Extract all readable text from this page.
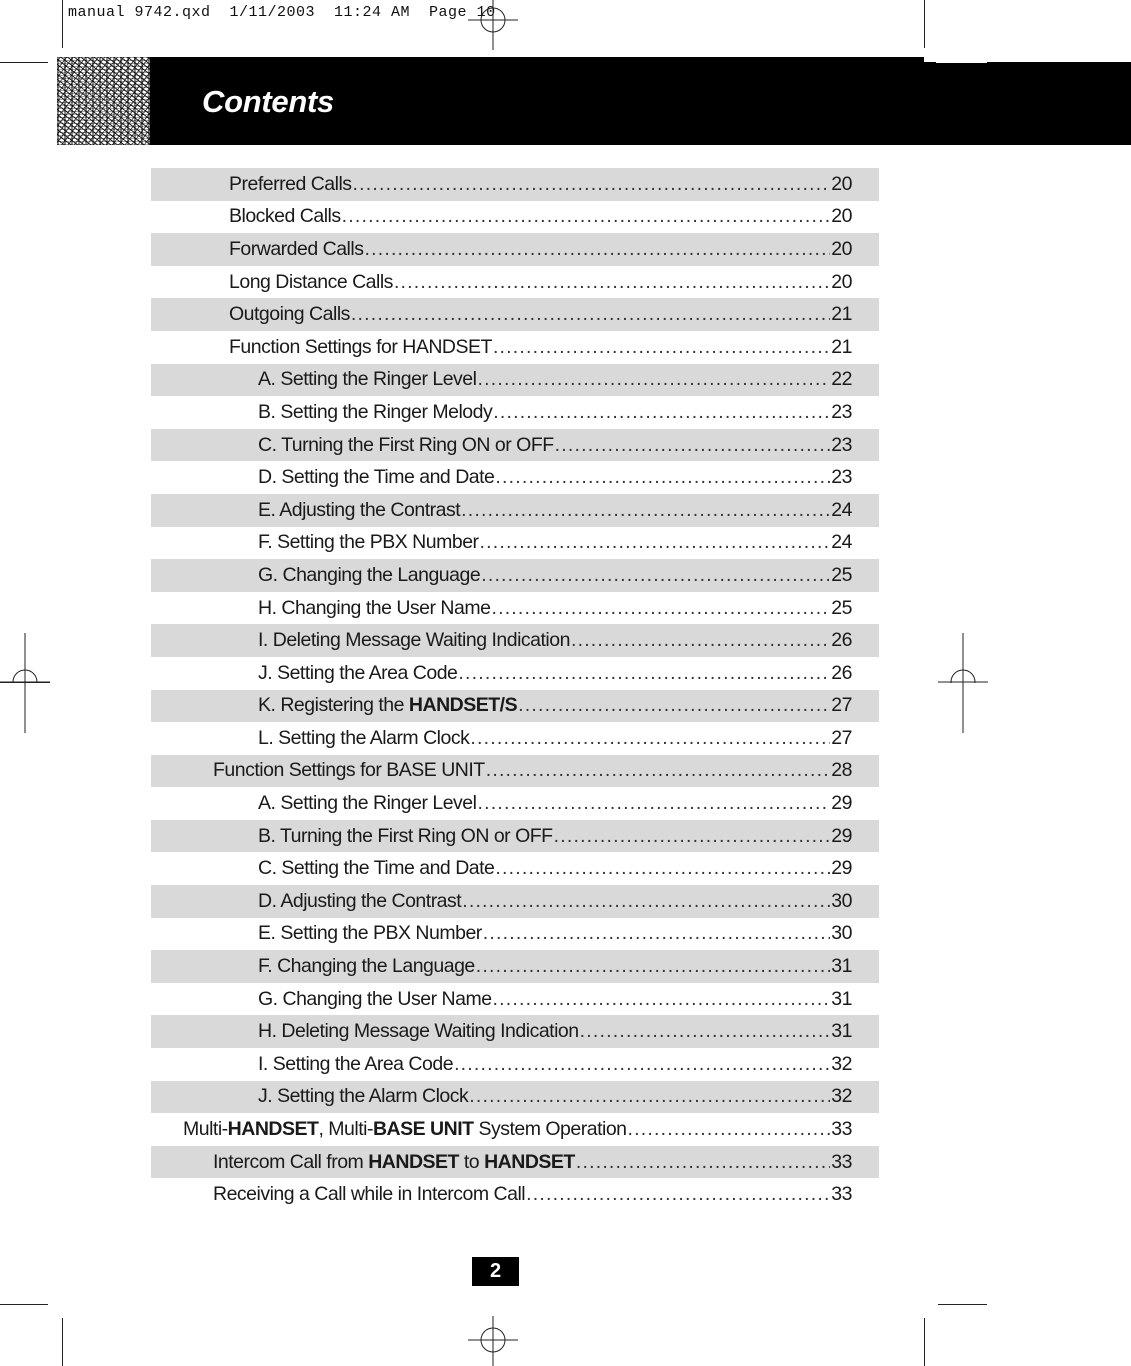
manual 9742.qxd  1/11/2003  11:24 AM  Page 10
Contents
Preferred Calls .....	20
Blocked Calls .....	20
Forwarded Calls .....	20
Long Distance Calls .....	20
Outgoing Calls .....	21
Function Settings for HANDSET .....	21
A. Setting the Ringer Level .....	22
B. Setting the Ringer Melody .....	23
C. Turning the First Ring ON or OFF .....	23
D. Setting the Time and Date .....	23
E. Adjusting the Contrast .....	24
F. Setting the PBX Number .....	24
G. Changing the Language .....	25
H. Changing the User Name .....	25
I. Deleting Message Waiting Indication .....	26
J. Setting the Area Code .....	26
K. Registering the HANDSET/S .....	27
L. Setting the Alarm Clock .....	27
Function Settings for BASE UNIT .....	28
A. Setting the Ringer Level .....	29
B. Turning the First Ring ON or OFF .....	29
C. Setting the Time and Date .....	29
D. Adjusting the Contrast .....	30
E. Setting the PBX Number .....	30
F. Changing the Language .....	31
G. Changing the User Name .....	31
H. Deleting Message Waiting Indication .....	31
I. Setting the Area Code .....	32
J. Setting the Alarm Clock .....	32
Multi-HANDSET, Multi-BASE UNIT System Operation .....	33
Intercom Call from HANDSET to HANDSET .....	33
Receiving a Call while in Intercom Call .....	33
2
